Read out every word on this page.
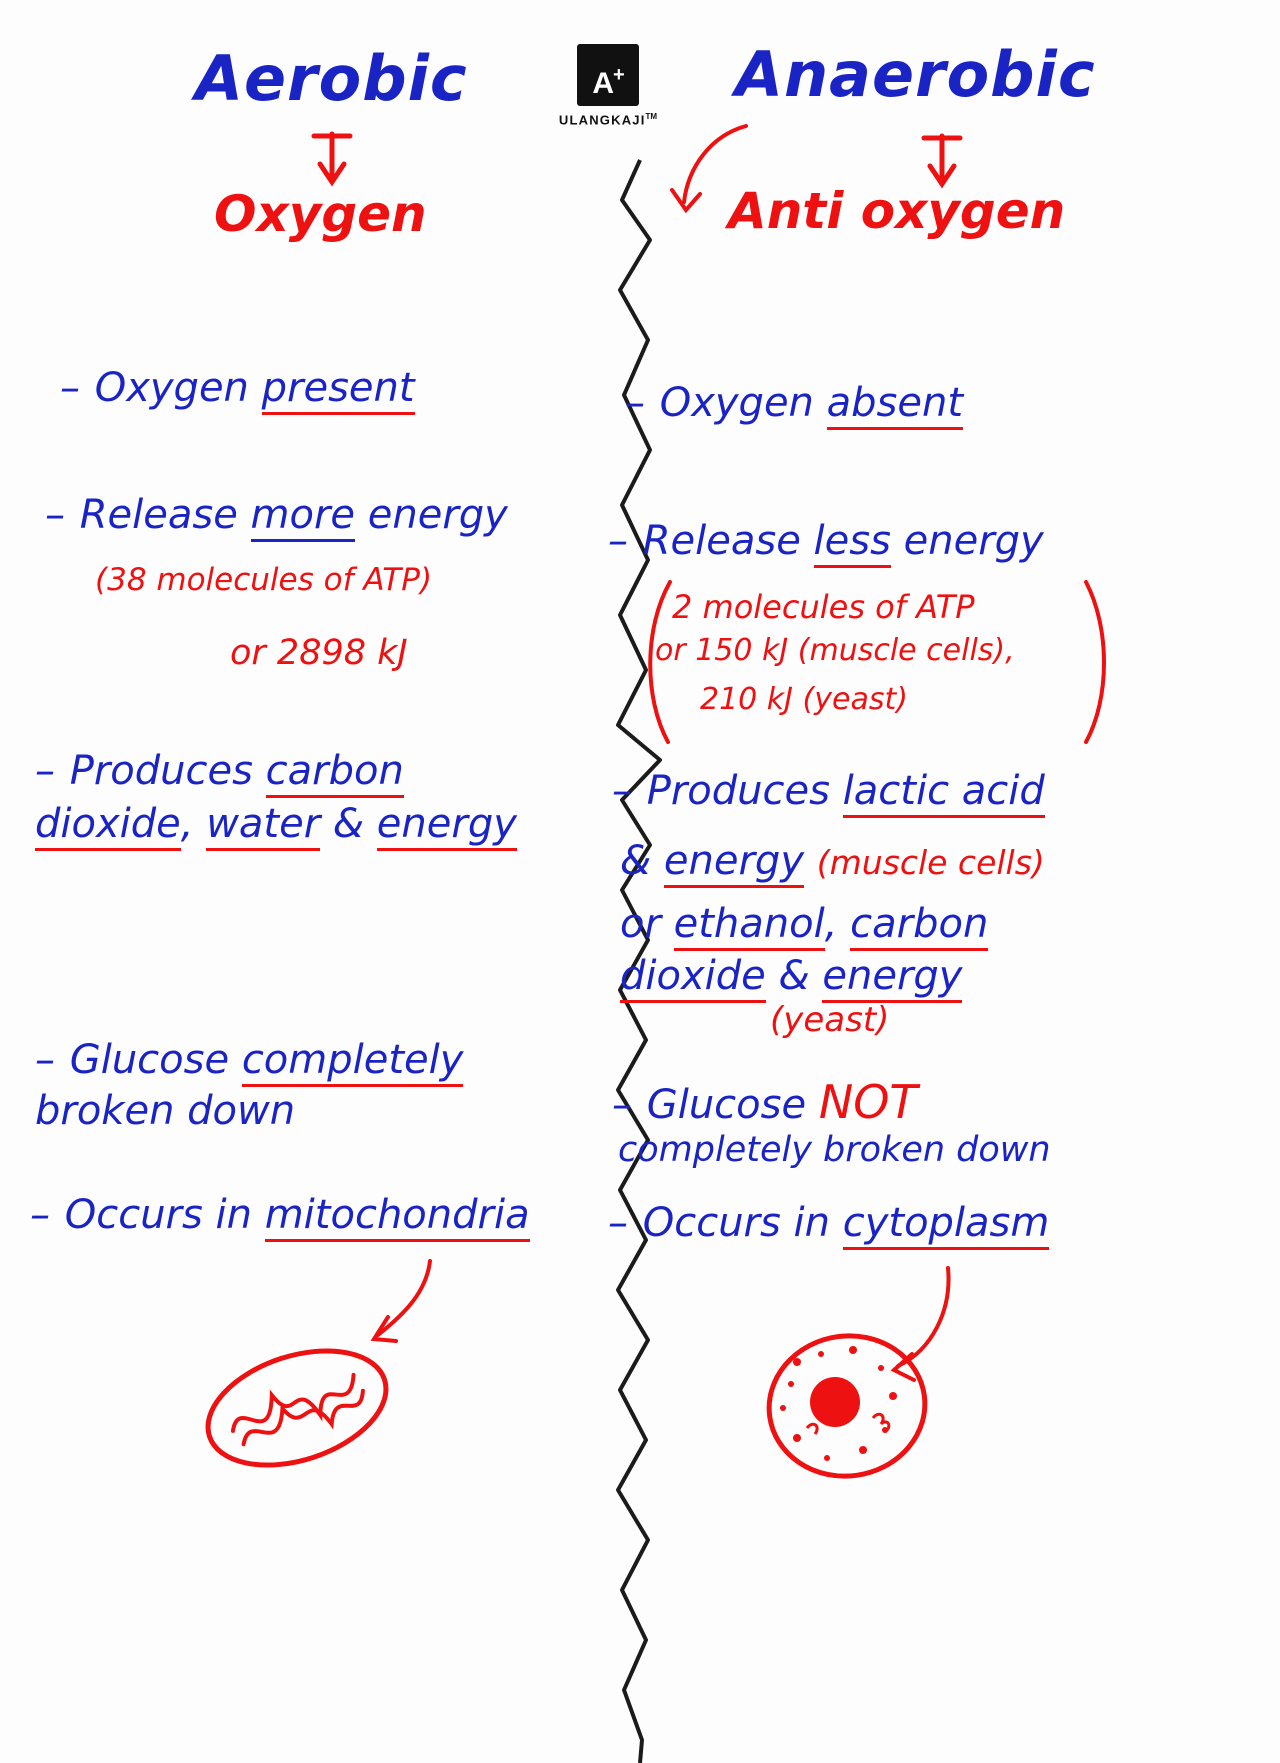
A+
ULANGKAJI™
Aerobic
Oxygen
– Oxygen present
– Release more energy
(38 molecules of ATP)
or 2898 kJ
– Produces carbon dioxide, water & energy
– Glucose completely broken down
– Occurs in mitochondria
Anaerobic
Anti oxygen
– Oxygen absent
– Release less energy
2 molecules of ATP
or 150 kJ (muscle cells),
210 kJ (yeast)
– Produces lactic acid
& energy (muscle cells)
or ethanol, carbon dioxide & energy
(yeast)
– Glucose NOT
completely broken down
– Occurs in cytoplasm
